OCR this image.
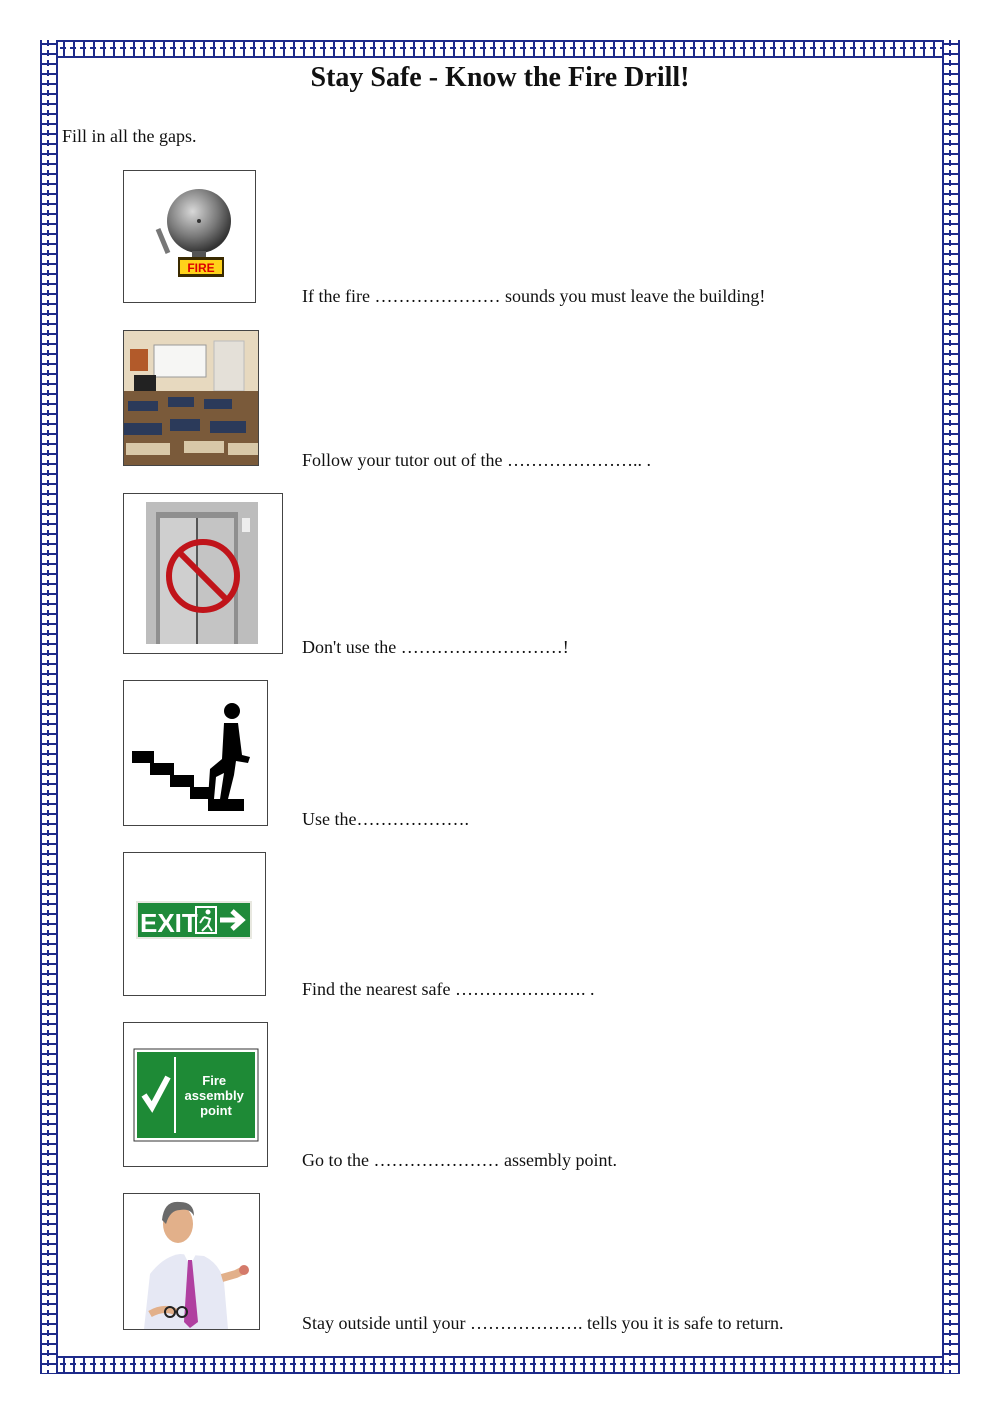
Stay Safe - Know the Fire Drill!
Fill in all the gaps.
FIRE
If the fire ………………… sounds you must leave the building!
Follow your tutor out of the ………………….. .
Don't use the ………………………!
Use the……………….
EXIT
Find the nearest safe …………………. .
Fire assembly point
Go to the ………………… assembly point.
Stay outside until your ………………. tells you it is safe to return.
